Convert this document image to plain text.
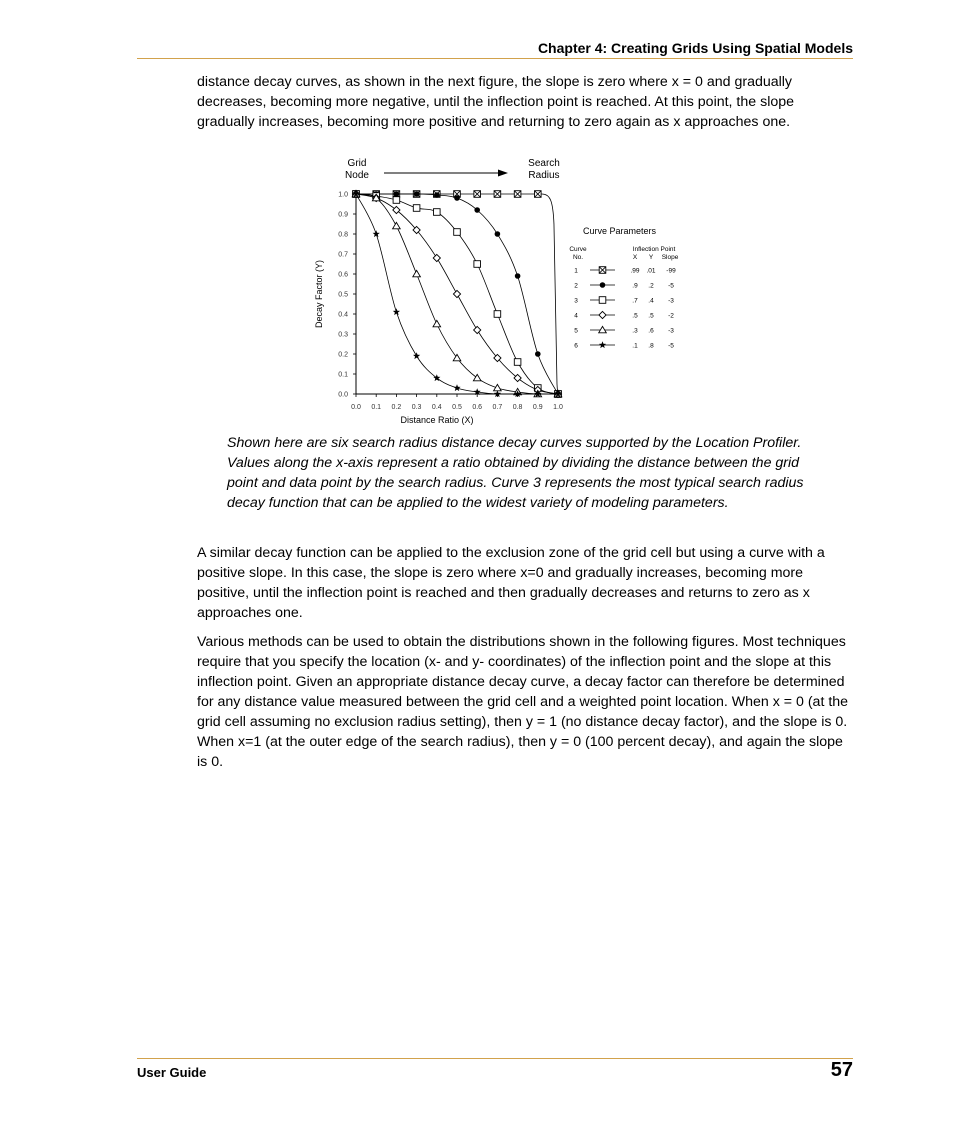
Chapter 4: Creating Grids Using Spatial Models

distance decay curves, as shown in the next figure, the slope is zero where x = 0 and gradually decreases, becoming more negative, until the inflection point is reached. At this point, the slope gradually increases, becoming more positive and returning to zero again as x approaches one.

Grid
Node
Search
Radius
0.0 0.1 0.2 0.3 0.4 0.5 0.6 0.7 0.8 0.9 1.0
0.0
0.1
0.2
0.3
0.4
0.5
0.6
0.7
0.8
0.9
1.0
Distance Ratio (X)
Decay Factor (Y)
Curve Parameters
Curve
No.
Inflection Point
X Y Slope
1	.99 .01 -99
2	.9 .2 -5
3	.7 .4 -3
4	.5 .5 -2
5	.3 .6 -3
6	.1 .8 -5

Shown here are six search radius distance decay curves supported by the Location Profiler. Values along the x-axis represent a ratio obtained by dividing the distance between the grid point and data point by the search radius. Curve 3 represents the most typical search radius decay function that can be applied to the widest variety of modeling parameters.

A similar decay function can be applied to the exclusion zone of the grid cell but using a curve with a positive slope. In this case, the slope is zero where x=0 and gradually increases, becoming more positive, until the inflection point is reached and then gradually decreases and returns to zero as x approaches one.

Various methods can be used to obtain the distributions shown in the following figures. Most techniques require that you specify the location (x- and y- coordinates) of the inflection point and the slope at this inflection point. Given an appropriate distance decay curve, a decay factor can therefore be determined for any distance value measured between the grid cell and a weighted point location. When x = 0 (at the grid cell assuming no exclusion radius setting), then y = 1 (no distance decay factor), and the slope is 0. When x=1 (at the outer edge of the search radius), then y = 0 (100 percent decay), and again the slope is 0.

User Guide	57
